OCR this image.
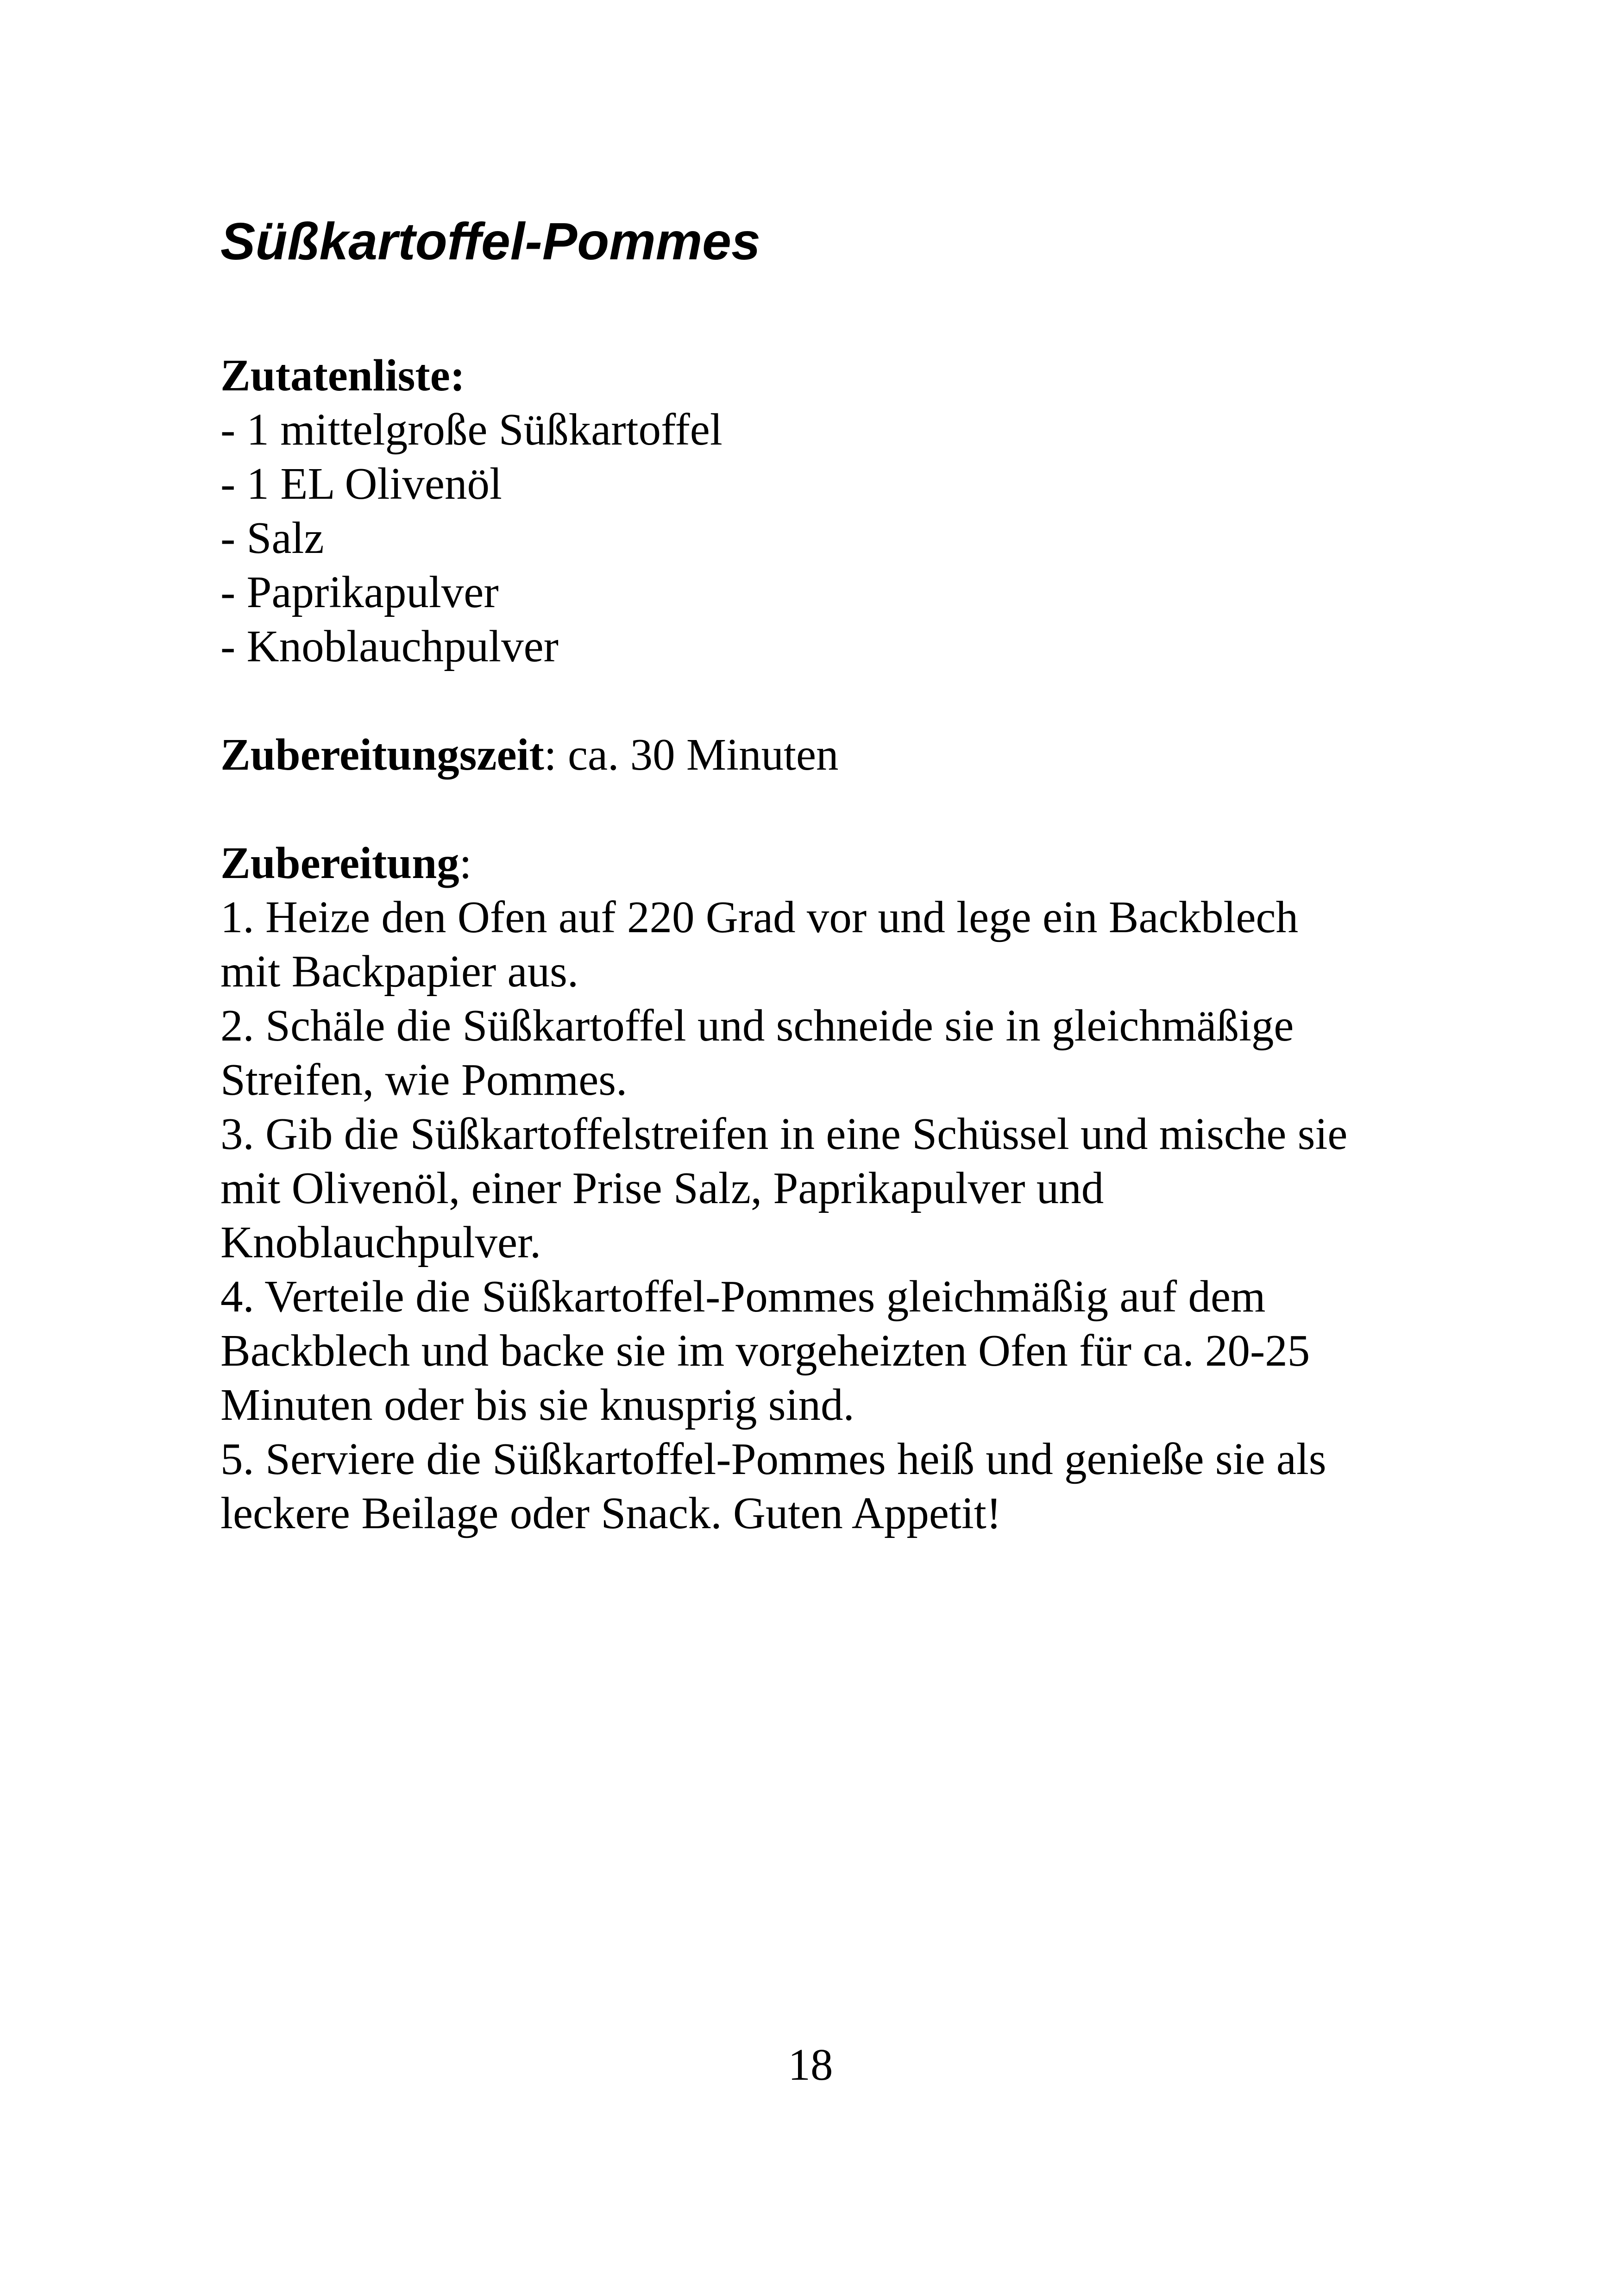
Süßkartoffel-Pommes
Zutatenliste:
- 1 mittelgroße Süßkartoffel
- 1 EL Olivenöl
- Salz
- Paprikapulver
- Knoblauchpulver
Zubereitungszeit: ca. 30 Minuten
Zubereitung:
1. Heize den Ofen auf 220 Grad vor und lege ein Backblech
mit Backpapier aus.
2. Schäle die Süßkartoffel und schneide sie in gleichmäßige
Streifen, wie Pommes.
3. Gib die Süßkartoffelstreifen in eine Schüssel und mische sie
mit Olivenöl, einer Prise Salz, Paprikapulver und
Knoblauchpulver.
4. Verteile die Süßkartoffel-Pommes gleichmäßig auf dem
Backblech und backe sie im vorgeheizten Ofen für ca. 20-25
Minuten oder bis sie knusprig sind.
5. Serviere die Süßkartoffel-Pommes heiß und genieße sie als
leckere Beilage oder Snack. Guten Appetit!
18
